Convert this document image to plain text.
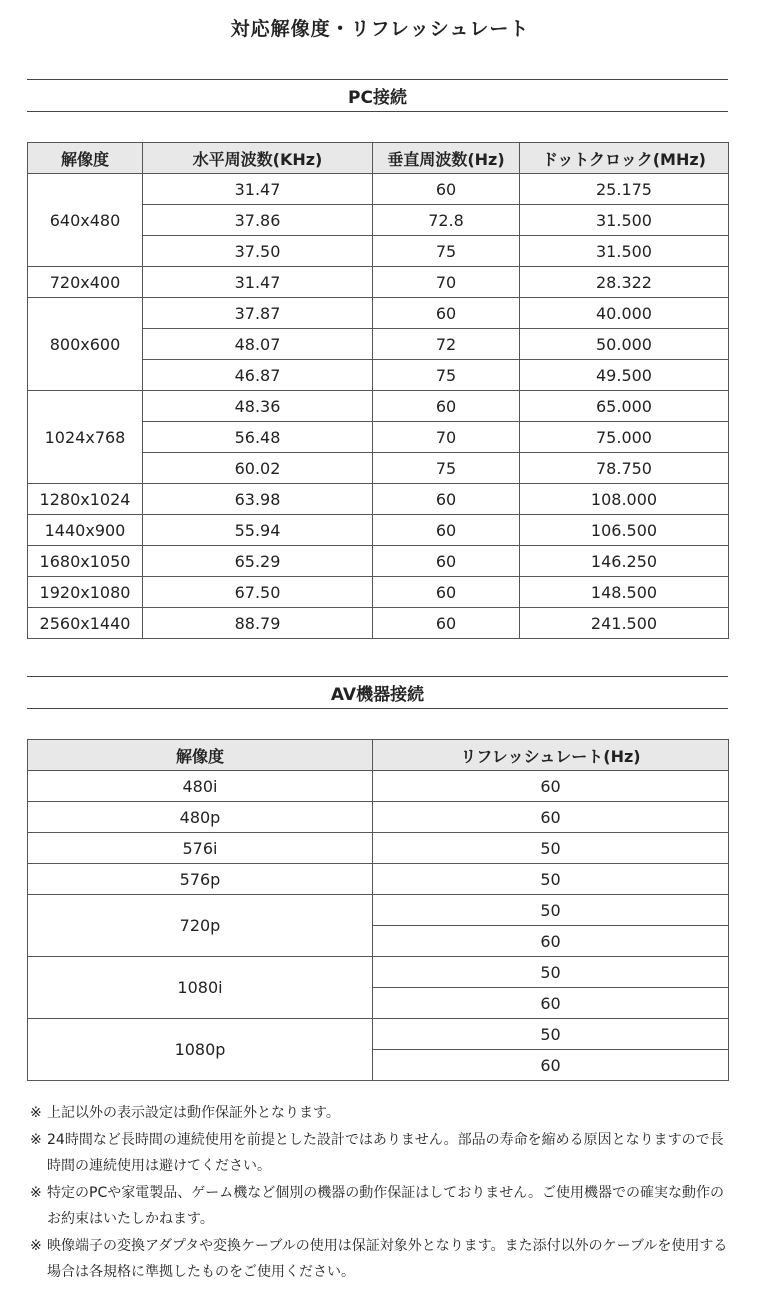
対応解像度・リフレッシュレート
PC接続
解像度	水平周波数(KHz)	垂直周波数(Hz)	ドットクロック(MHz)
640x480	31.47	60	25.175
	37.86	72.8	31.500
	37.50	75	31.500
720x400	31.47	70	28.322
800x600	37.87	60	40.000
	48.07	72	50.000
	46.87	75	49.500
1024x768	48.36	60	65.000
	56.48	70	75.000
	60.02	75	78.750
1280x1024	63.98	60	108.000
1440x900	55.94	60	106.500
1680x1050	65.29	60	146.250
1920x1080	67.50	60	148.500
2560x1440	88.79	60	241.500
AV機器接続
解像度	リフレッシュレート(Hz)
480i	60
480p	60
576i	50
576p	50
720p	50
	60
1080i	50
	60
1080p	50
	60
※ 上記以外の表示設定は動作保証外となります。
※ 24時間など長時間の連続使用を前提とした設計ではありません。部品の寿命を縮める原因となりますので長時間の連続使用は避けてください。
※ 特定のPCや家電製品、ゲーム機など個別の機器の動作保証はしておりません。ご使用機器での確実な動作のお約束はいたしかねます。
※ 映像端子の変換アダプタや変換ケーブルの使用は保証対象外となります。また添付以外のケーブルを使用する場合は各規格に準拠したものをご使用ください。
